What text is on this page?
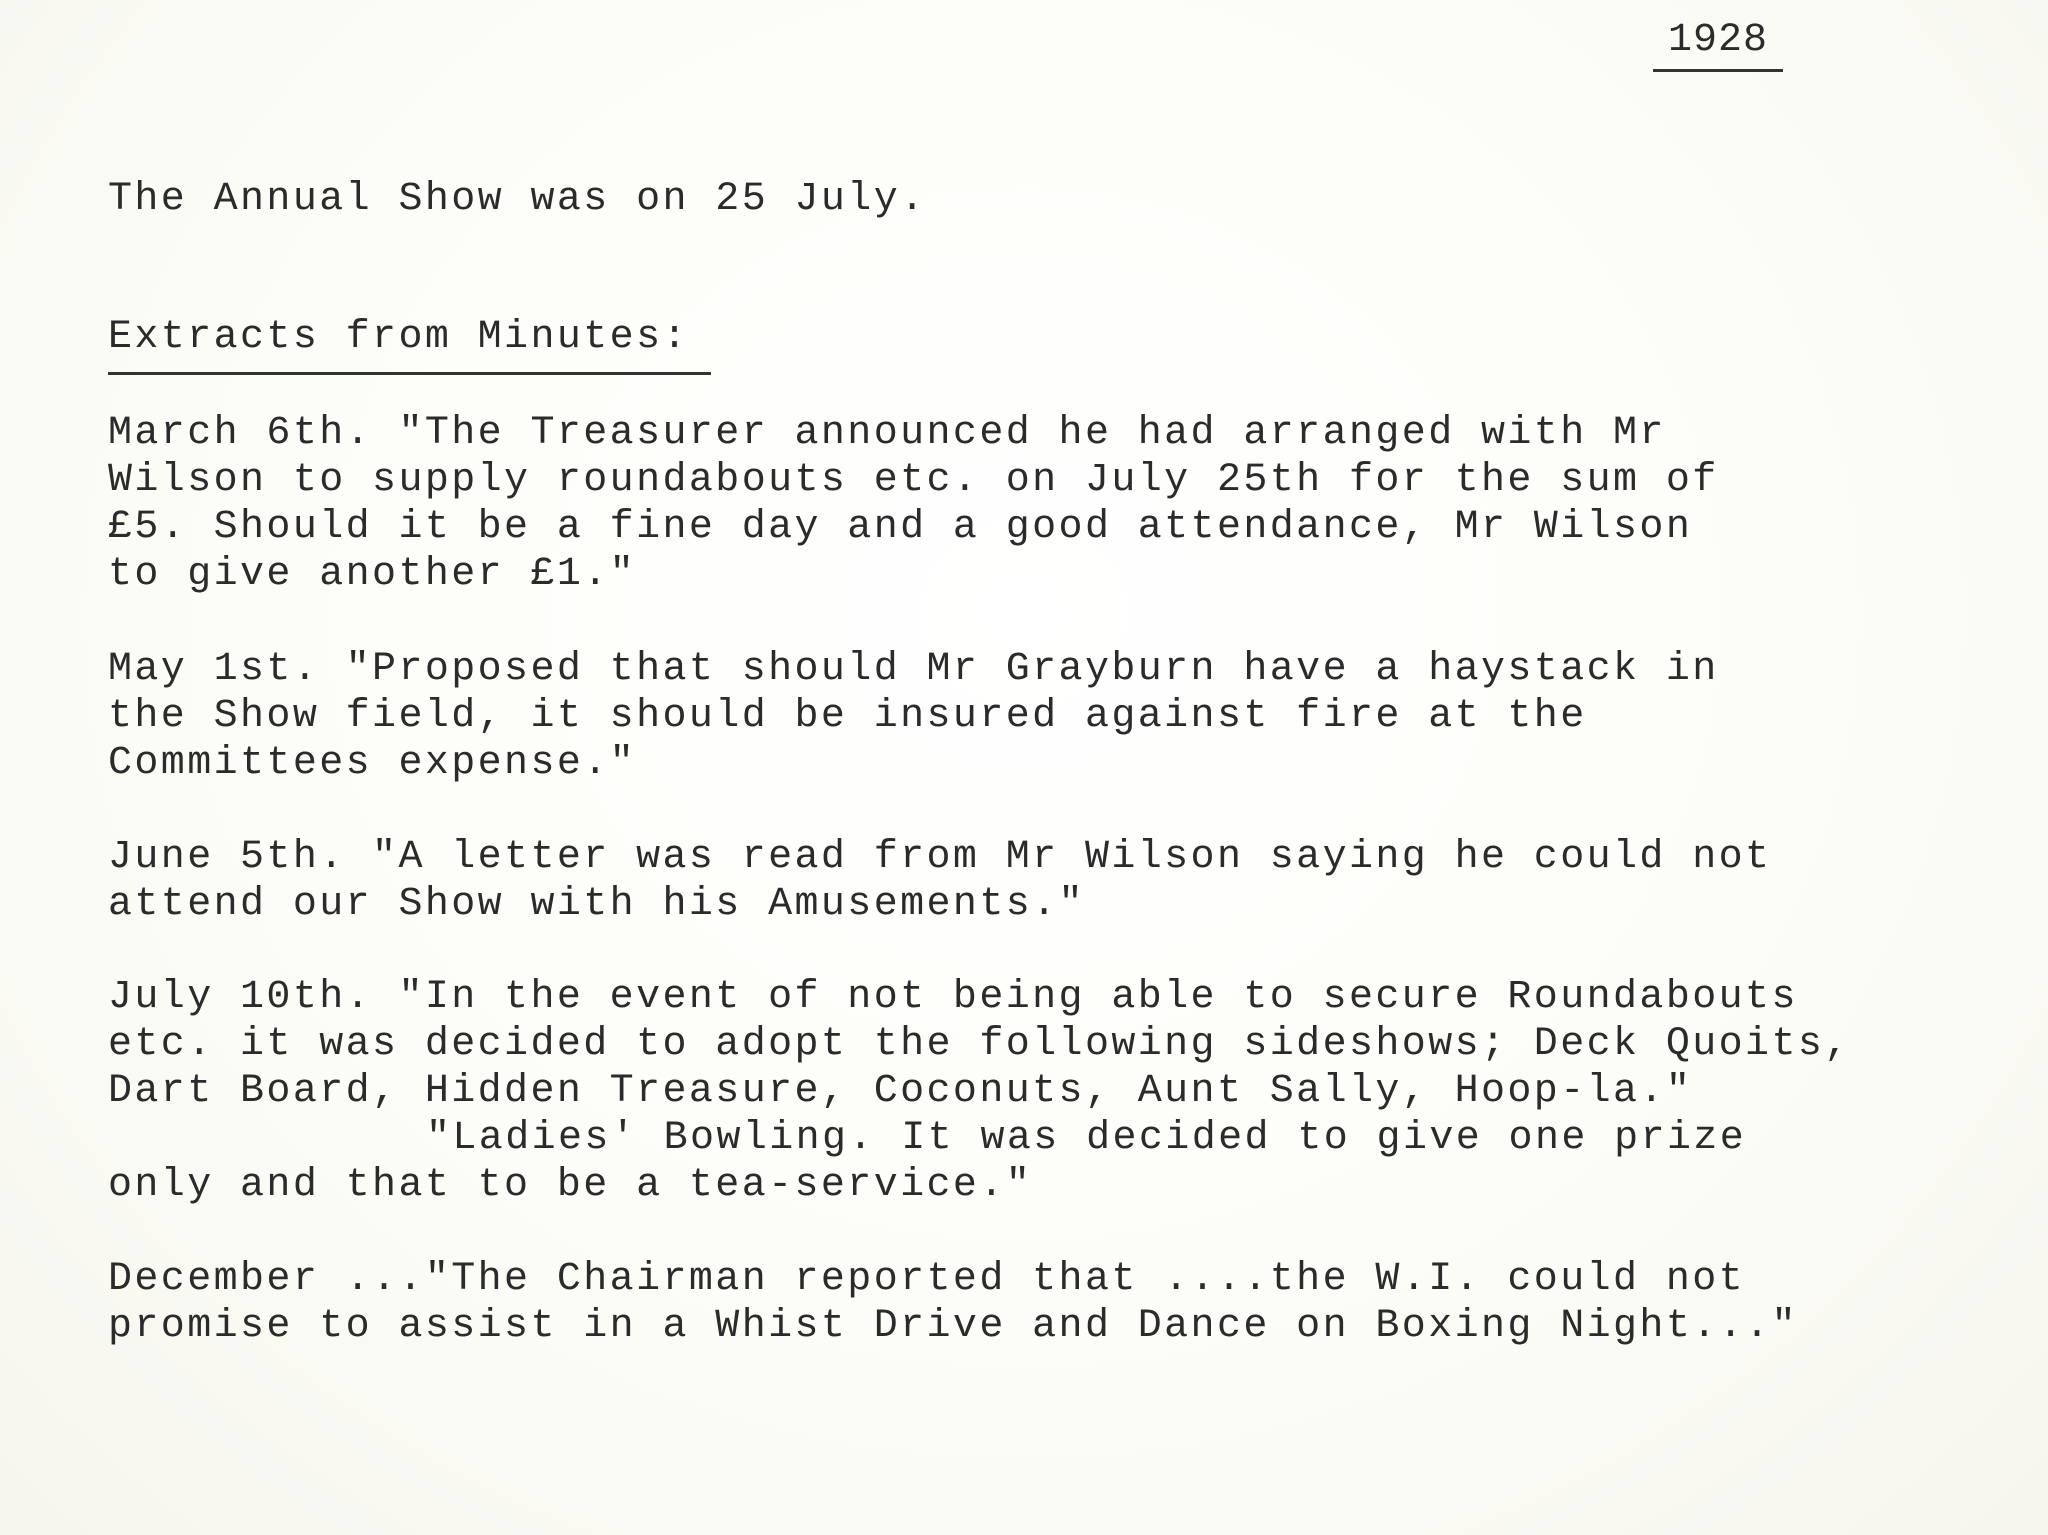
1928
The Annual Show was on 25 July.
Extracts from Minutes:
March 6th. "The Treasurer announced he had arranged with Mr
Wilson to supply roundabouts etc. on July 25th for the sum of
£5. Should it be a fine day and a good attendance, Mr Wilson
to give another £1."
May 1st. "Proposed that should Mr Grayburn have a haystack in
the Show field, it should be insured against fire at the
Committees expense."
June 5th. "A letter was read from Mr Wilson saying he could not
attend our Show with his Amusements."
July 10th. "In the event of not being able to secure Roundabouts
etc. it was decided to adopt the following sideshows; Deck Quoits,
Dart Board, Hidden Treasure, Coconuts, Aunt Sally, Hoop-la."
"Ladies' Bowling. It was decided to give one prize
only and that to be a tea-service."
December ..."The Chairman reported that ....the W.I. could not
promise to assist in a Whist Drive and Dance on Boxing Night..."
